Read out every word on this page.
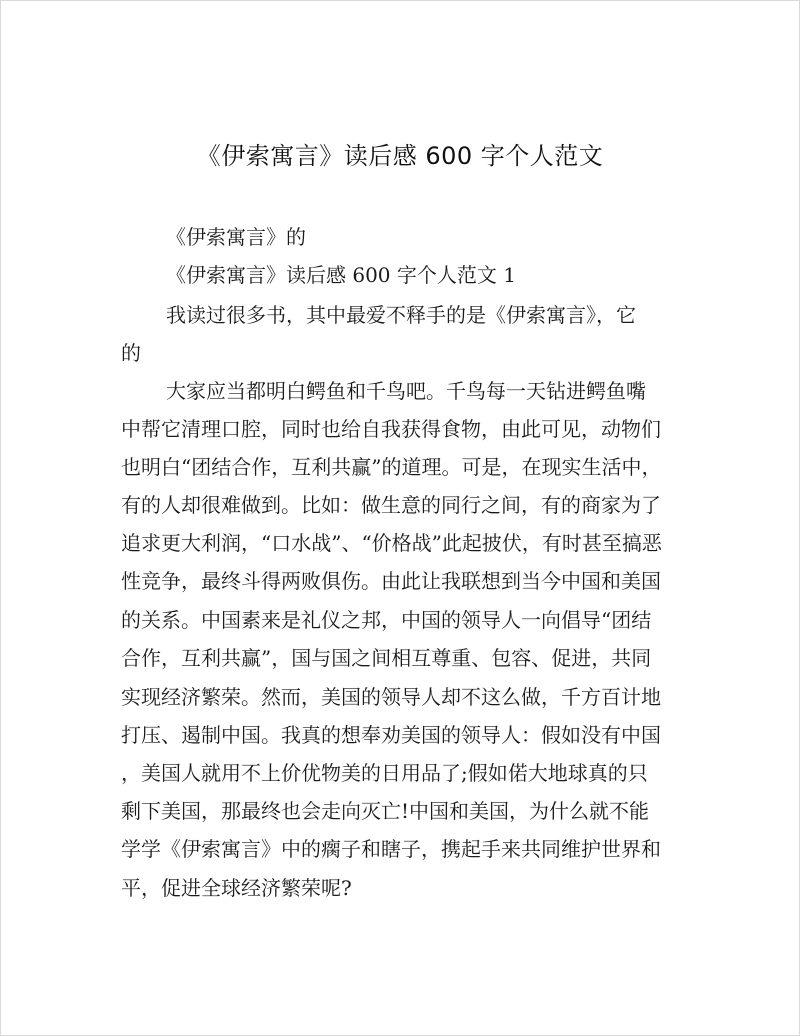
《伊索寓言》读后感 600 字个人范文
《伊索寓言》的
《伊索寓言》读后感 600 字个人范文 1
我读过很多书，其中最爱不释手的是《伊索寓言》，它
的
大家应当都明白鳄鱼和千鸟吧。千鸟每一天钻进鳄鱼嘴
中帮它清理口腔，同时也给自我获得食物，由此可见，动物们
也明白“团结合作，互利共赢”的道理。可是，在现实生活中，
有的人却很难做到。比如：做生意的同行之间，有的商家为了
追求更大利润，“口水战”、“价格战”此起披伏，有时甚至搞恶
性竞争，最终斗得两败俱伤。由此让我联想到当今中国和美国
的关系。中国素来是礼仪之邦，中国的领导人一向倡导“团结
合作，互利共赢”，国与国之间相互尊重、包容、促进，共同
实现经济繁荣。然而，美国的领导人却不这么做，千方百计地
打压、遏制中国。我真的想奉劝美国的领导人：假如没有中国
，美国人就用不上价优物美的日用品了;假如偌大地球真的只
剩下美国，那最终也会走向灭亡!中国和美国，为什么就不能
学学《伊索寓言》中的瘸子和瞎子，携起手来共同维护世界和
平，促进全球经济繁荣呢?
